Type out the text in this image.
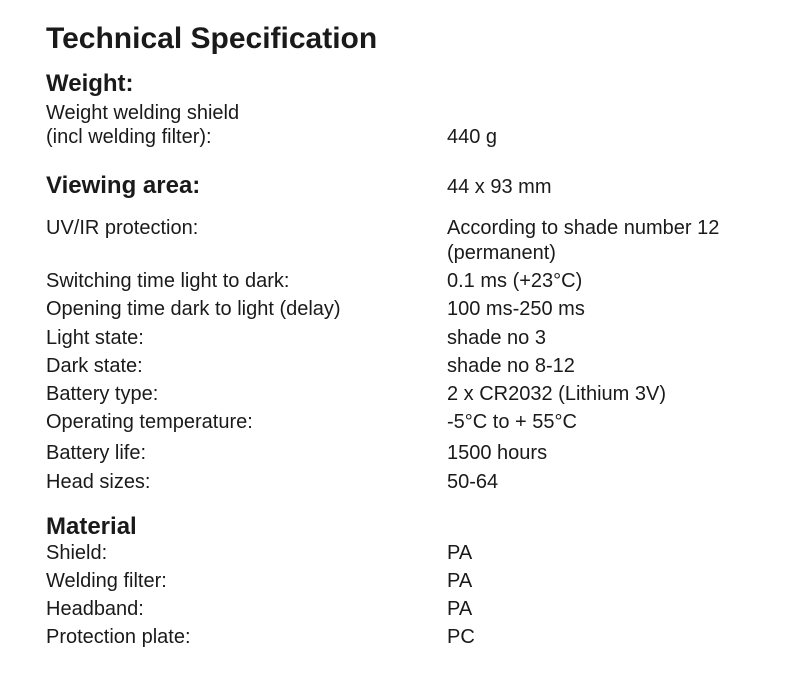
Technical Specification
Weight:
Weight welding shield
(incl welding filter):	440 g
Viewing area:	44 x 93 mm
UV/IR protection:	According to shade number 12
(permanent)
Switching time light to dark:	0.1 ms (+23°C)
Opening time dark to light (delay)	100 ms-250 ms
Light state:	shade no 3
Dark state:	shade no 8-12
Battery type:	2 x CR2032 (Lithium 3V)
Operating temperature:	-5°C to + 55°C
Battery life:	1500 hours
Head sizes:	50-64
Material
Shield:	PA
Welding filter:	PA
Headband:	PA
Protection plate:	PC
